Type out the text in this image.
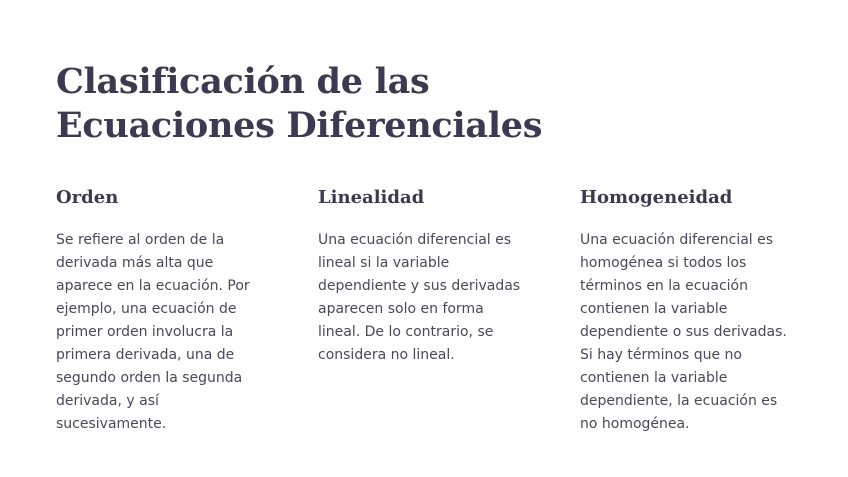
Clasificación de las Ecuaciones Diferenciales
Orden

Se refiere al orden de la derivada más alta que aparece en la ecuación. Por ejemplo, una ecuación de primer orden involucra la primera derivada, una de segundo orden la segunda derivada, y así sucesivamente.

Linealidad

Una ecuación diferencial es lineal si la variable dependiente y sus derivadas aparecen solo en forma lineal. De lo contrario, se considera no lineal.

Homogeneidad

Una ecuación diferencial es homogénea si todos los términos en la ecuación contienen la variable dependiente o sus derivadas. Si hay términos que no contienen la variable dependiente, la ecuación es no homogénea.
